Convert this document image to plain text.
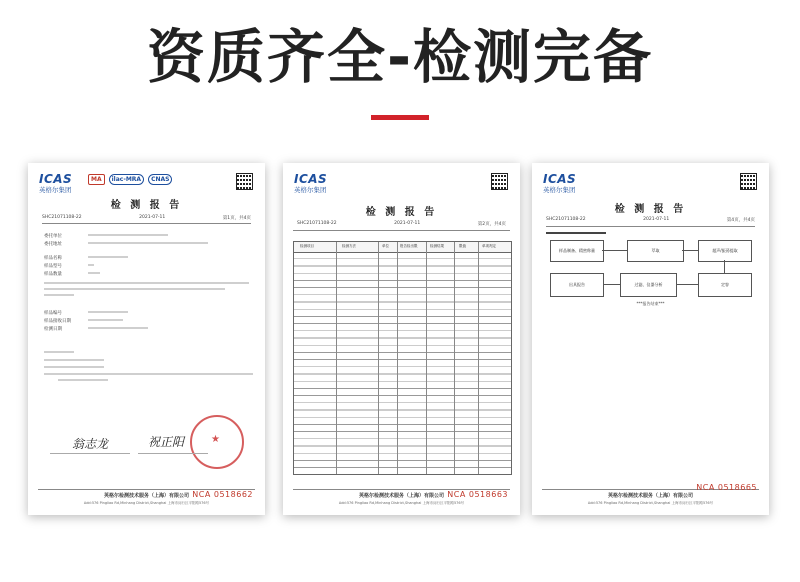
资质齐全-检测完备
ICAS
英格尔集团
MA	ilac-MRA	CNAS
检 测 报 告
SHC21071108-22	2021-07-11	第1页，共4页
委托单位
委托地址
样品名称
样品型号
样品数量
样品编号
样品接收日期
检测日期
★
翁志龙	祝正阳
英格尔检测技术服务（上海）有限公司
Add:576 Pingliao Rd,Minhang District,Shanghai 上海市闵行区平阳路576号
NCA 0518662
ICAS
英格尔集团
检 测 报 告
SHC21071108-22	2021-07-11	第2页，共4页
检测项目	检测方法	单位	报告检出限	检测结果	限值	单项判定
英格尔检测技术服务（上海）有限公司
Add:576 Pingliao Rd,Minhang District,Shanghai 上海市闵行区平阳路576号
NCA 0518663
ICAS
英格尔集团
检 测 报 告
SHC21071108-22	2021-07-11	第4页，共4页
样品制备、精密称量	萃取	超声/振荡提取
定容
过滤、仪器分析
出具报告
***报告结束***
英格尔检测技术服务（上海）有限公司
Add:576 Pingliao Rd,Minhang District,Shanghai 上海市闵行区平阳路576号
NCA 0518665
